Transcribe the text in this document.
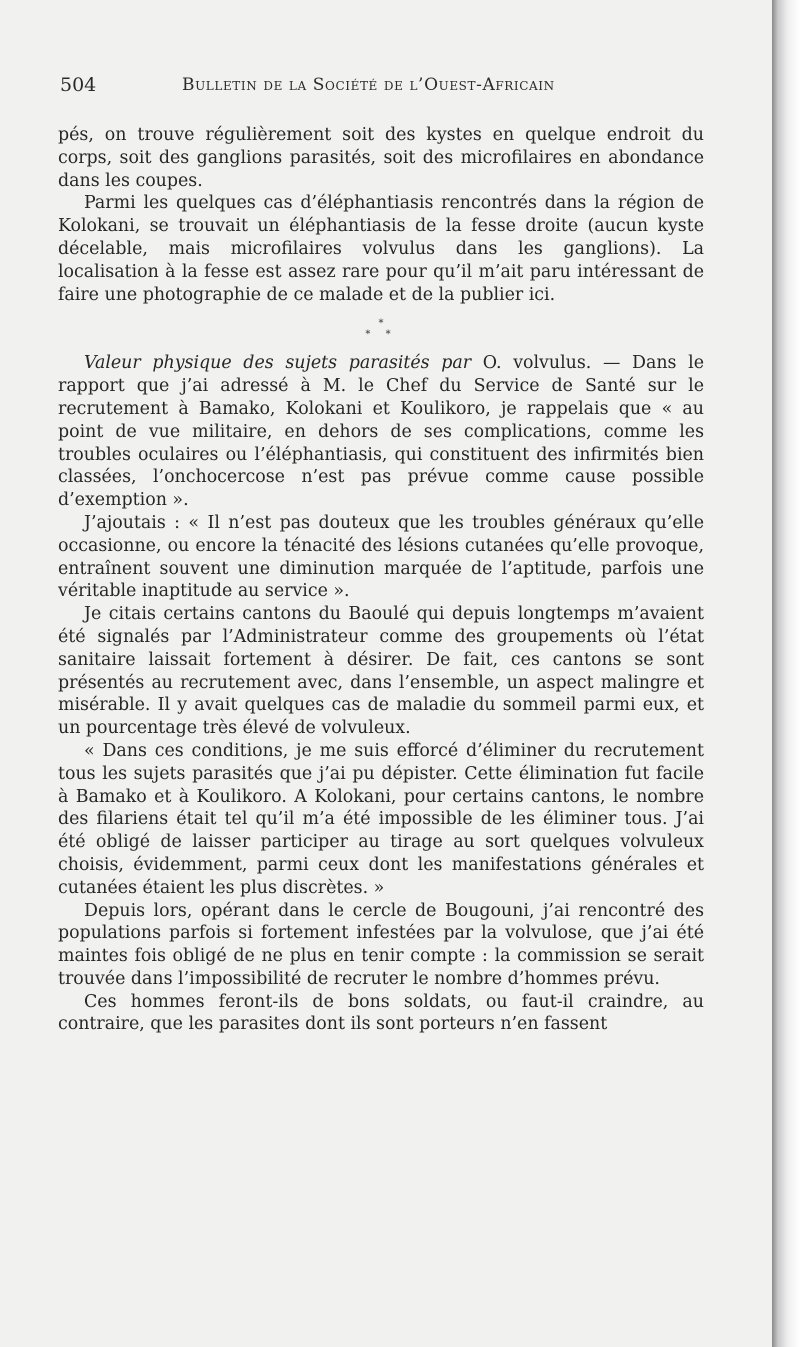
504	Bulletin de la Société de l’Ouest-Africain

pés, on trouve régulièrement soit des kystes en quelque endroit du corps, soit des ganglions parasités, soit des microfilaires en abondance dans les coupes.

Parmi les quelques cas d’éléphantiasis rencontrés dans la région de Kolokani, se trouvait un éléphantiasis de la fesse droite (aucun kyste décelable, mais microfilaires volvulus dans les ganglions). La localisation à la fesse est assez rare pour qu’il m’ait paru intéressant de faire une photographie de ce malade et de la publier ici.

*
* *

Valeur physique des sujets parasités par O. volvulus. — Dans le rapport que j’ai adressé à M. le Chef du Service de Santé sur le recrutement à Bamako, Kolokani et Koulikoro, je rappelais que « au point de vue militaire, en dehors de ses complications, comme les troubles oculaires ou l’éléphantiasis, qui constituent des infirmités bien classées, l’onchocercose n’est pas prévue comme cause possible d’exemption ».

J’ajoutais : « Il n’est pas douteux que les troubles généraux qu’elle occasionne, ou encore la ténacité des lésions cutanées qu’elle provoque, entraînent souvent une diminution marquée de l’aptitude, parfois une véritable inaptitude au service ».

Je citais certains cantons du Baoulé qui depuis longtemps m’avaient été signalés par l’Administrateur comme des groupements où l’état sanitaire laissait fortement à désirer. De fait, ces cantons se sont présentés au recrutement avec, dans l’ensemble, un aspect malingre et misérable. Il y avait quelques cas de maladie du sommeil parmi eux, et un pourcentage très élevé de volvuleux.

« Dans ces conditions, je me suis efforcé d’éliminer du recrutement tous les sujets parasités que j’ai pu dépister. Cette élimination fut facile à Bamako et à Koulikoro. A Kolokani, pour certains cantons, le nombre des filariens était tel qu’il m’a été impossible de les éliminer tous. J’ai été obligé de laisser participer au tirage au sort quelques volvuleux choisis, évidemment, parmi ceux dont les manifestations générales et cutanées étaient les plus discrètes. »

Depuis lors, opérant dans le cercle de Bougouni, j’ai rencontré des populations parfois si fortement infestées par la volvulose, que j’ai été maintes fois obligé de ne plus en tenir compte : la commission se serait trouvée dans l’impossibilité de recruter le nombre d’hommes prévu.

Ces hommes feront-ils de bons soldats, ou faut-il craindre, au contraire, que les parasites dont ils sont porteurs n’en fassent
